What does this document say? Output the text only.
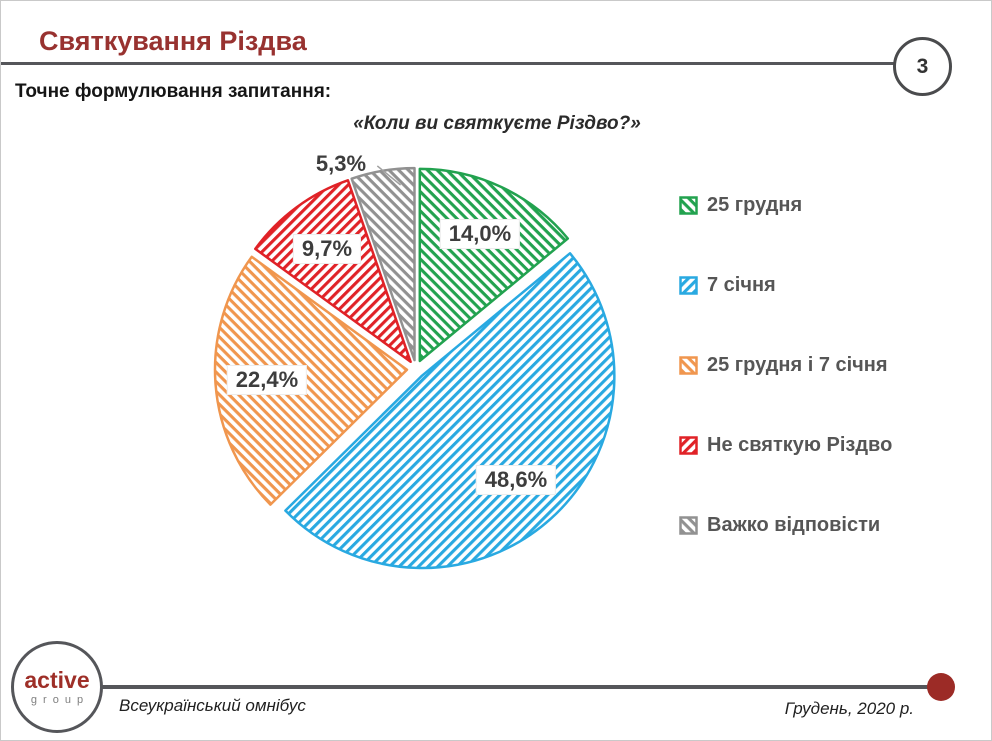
Святкування Різдва
3
Точне формулювання запитання:
«Коли ви святкуєте Різдво?»
14,0%
48,6%
22,4%
9,7%
5,3%
25 грудня
7 січня
25 грудня і 7 січня
Не святкую Різдво
Важко відповісти
active
group Всеукраїнський омнібус	Грудень, 2020 р.
